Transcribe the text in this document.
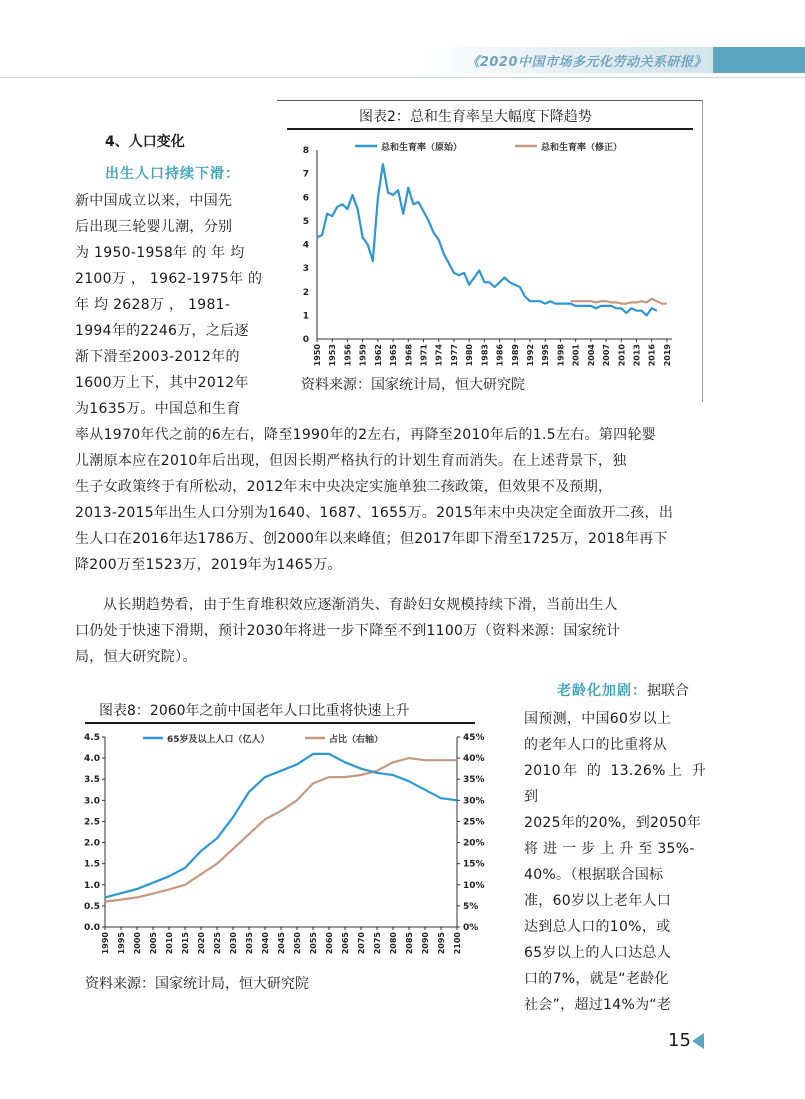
《2020中国市场多元化劳动关系研报》
4、人口变化
出生人口持续下滑：
新中国成立以来，中国先
后出现三轮婴儿潮，分别
为 1950-1958年 的 年 均
2100万 ， 1962-1975年 的
年 均 2628万 ， 1981-
1994年的2246万，之后逐
渐下滑至2003-2012年的
1600万上下，其中2012年
为1635万。中国总和生育
图表2：总和生育率呈大幅度下降趋势
总和生育率（原始）	总和生育率（修正）
0
1
2
3
4
5
6
7
8
1950 1953 1956 1959 1962 1965 1968 1971 1974 1977 1980 1983 1986 1989 1992 1995 1998 2001 2004 2007 2010 2013 2016 2019
资料来源：国家统计局，恒大研究院
率从1970年代之前的6左右，降至1990年的2左右，再降至2010年后的1.5左右。第四轮婴
儿潮原本应在2010年后出现，但因长期严格执行的计划生育而消失。在上述背景下，独
生子女政策终于有所松动，2012年末中央决定实施单独二孩政策，但效果不及预期，
2013-2015年出生人口分别为1640、1687、1655万。2015年末中央决定全面放开二孩，出
生人口在2016年达1786万、创2000年以来峰值；但2017年即下滑至1725万，2018年再下
降200万至1523万，2019年为1465万。
从长期趋势看，由于生育堆积效应逐渐消失、育龄妇女规模持续下滑，当前出生人
口仍处于快速下滑期，预计2030年将进一步下降至不到1100万（资料来源：国家统计
局，恒大研究院）。
图表8：2060年之前中国老年人口比重将快速上升
65岁及以上人口（亿人）	占比（右轴）
0.0
0.5
1.0
1.5
2.0
2.5
3.0
3.5
4.0
4.5
0%
5%
10%
15%
20%
25%
30%
35%
40%
45%
1990 1995 2000 2005 2010 2015 2020 2025 2030 2035 2040 2045 2050 2055 2060 2065 2070 2075 2080 2085 2090 2095 2100
资料来源：国家统计局，恒大研究院
老龄化加剧：据联合
国预测，中国60岁以上
的老年人口的比重将从
2010年 的 13.26%上 升 到
2025年的20%，到2050年
将 进 一 步 上 升 至 35%-
40%。（根据联合国标
准，60岁以上老年人口
达到总人口的10%，或
65岁以上的人口达总人
口的7%，就是“老龄化
社会”，超过14%为“老
15
